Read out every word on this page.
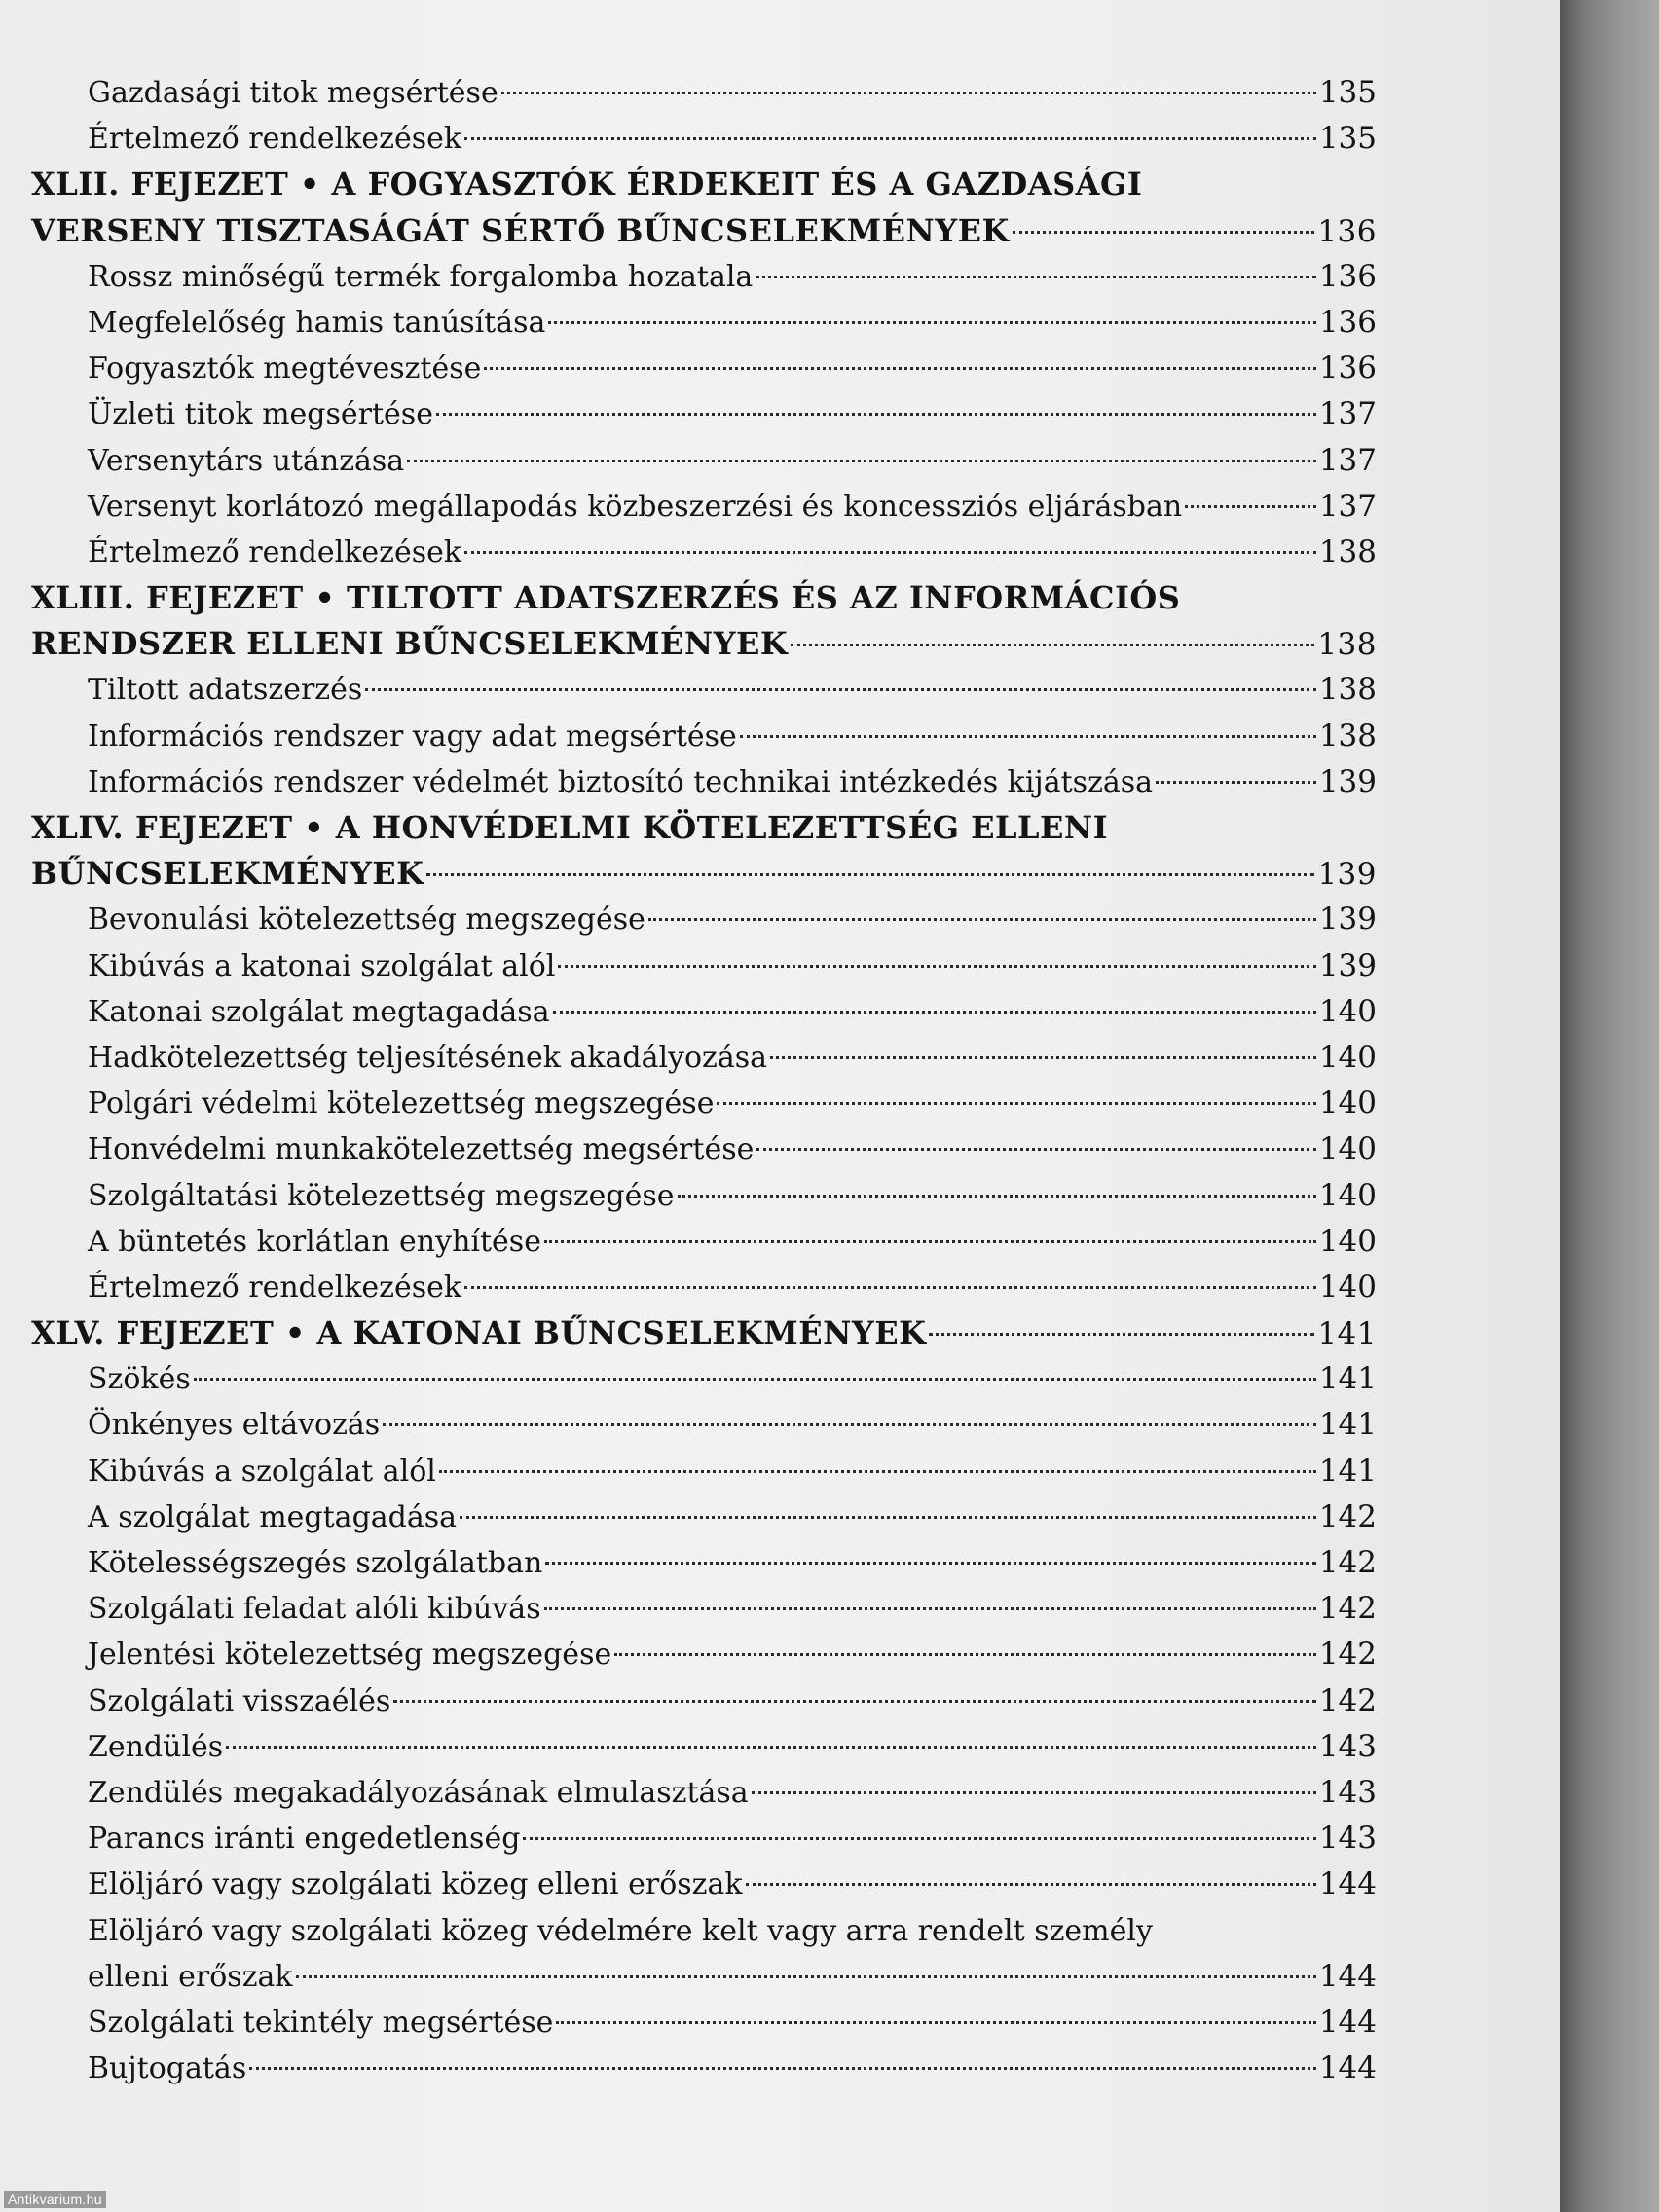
Gazdasági titok megsértése	135
Értelmező rendelkezések	135
XLII. FEJEZET • A FOGYASZTÓK ÉRDEKEIT ÉS A GAZDASÁGI
VERSENY TISZTASÁGÁT SÉRTŐ BŰNCSELEKMÉNYEK	136
Rossz minőségű termék forgalomba hozatala	136
Megfelelőség hamis tanúsítása	136
Fogyasztók megtévesztése	136
Üzleti titok megsértése	137
Versenytárs utánzása	137
Versenyt korlátozó megállapodás közbeszerzési és koncessziós eljárásban	137
Értelmező rendelkezések	138
XLIII. FEJEZET • TILTOTT ADATSZERZÉS ÉS AZ INFORMÁCIÓS
RENDSZER ELLENI BŰNCSELEKMÉNYEK	138
Tiltott adatszerzés	138
Információs rendszer vagy adat megsértése	138
Információs rendszer védelmét biztosító technikai intézkedés kijátszása	139
XLIV. FEJEZET • A HONVÉDELMI KÖTELEZETTSÉG ELLENI
BŰNCSELEKMÉNYEK	139
Bevonulási kötelezettség megszegése	139
Kibúvás a katonai szolgálat alól	139
Katonai szolgálat megtagadása	140
Hadkötelezettség teljesítésének akadályozása	140
Polgári védelmi kötelezettség megszegése	140
Honvédelmi munkakötelezettség megsértése	140
Szolgáltatási kötelezettség megszegése	140
A büntetés korlátlan enyhítése	140
Értelmező rendelkezések	140
XLV. FEJEZET • A KATONAI BŰNCSELEKMÉNYEK	141
Szökés	141
Önkényes eltávozás	141
Kibúvás a szolgálat alól	141
A szolgálat megtagadása	142
Kötelességszegés szolgálatban	142
Szolgálati feladat alóli kibúvás	142
Jelentési kötelezettség megszegése	142
Szolgálati visszaélés	142
Zendülés	143
Zendülés megakadályozásának elmulasztása	143
Parancs iránti engedetlenség	143
Elöljáró vagy szolgálati közeg elleni erőszak	144
Elöljáró vagy szolgálati közeg védelmére kelt vagy arra rendelt személy
elleni erőszak	144
Szolgálati tekintély megsértése	144
Bujtogatás	144
Antikvarium.hu
